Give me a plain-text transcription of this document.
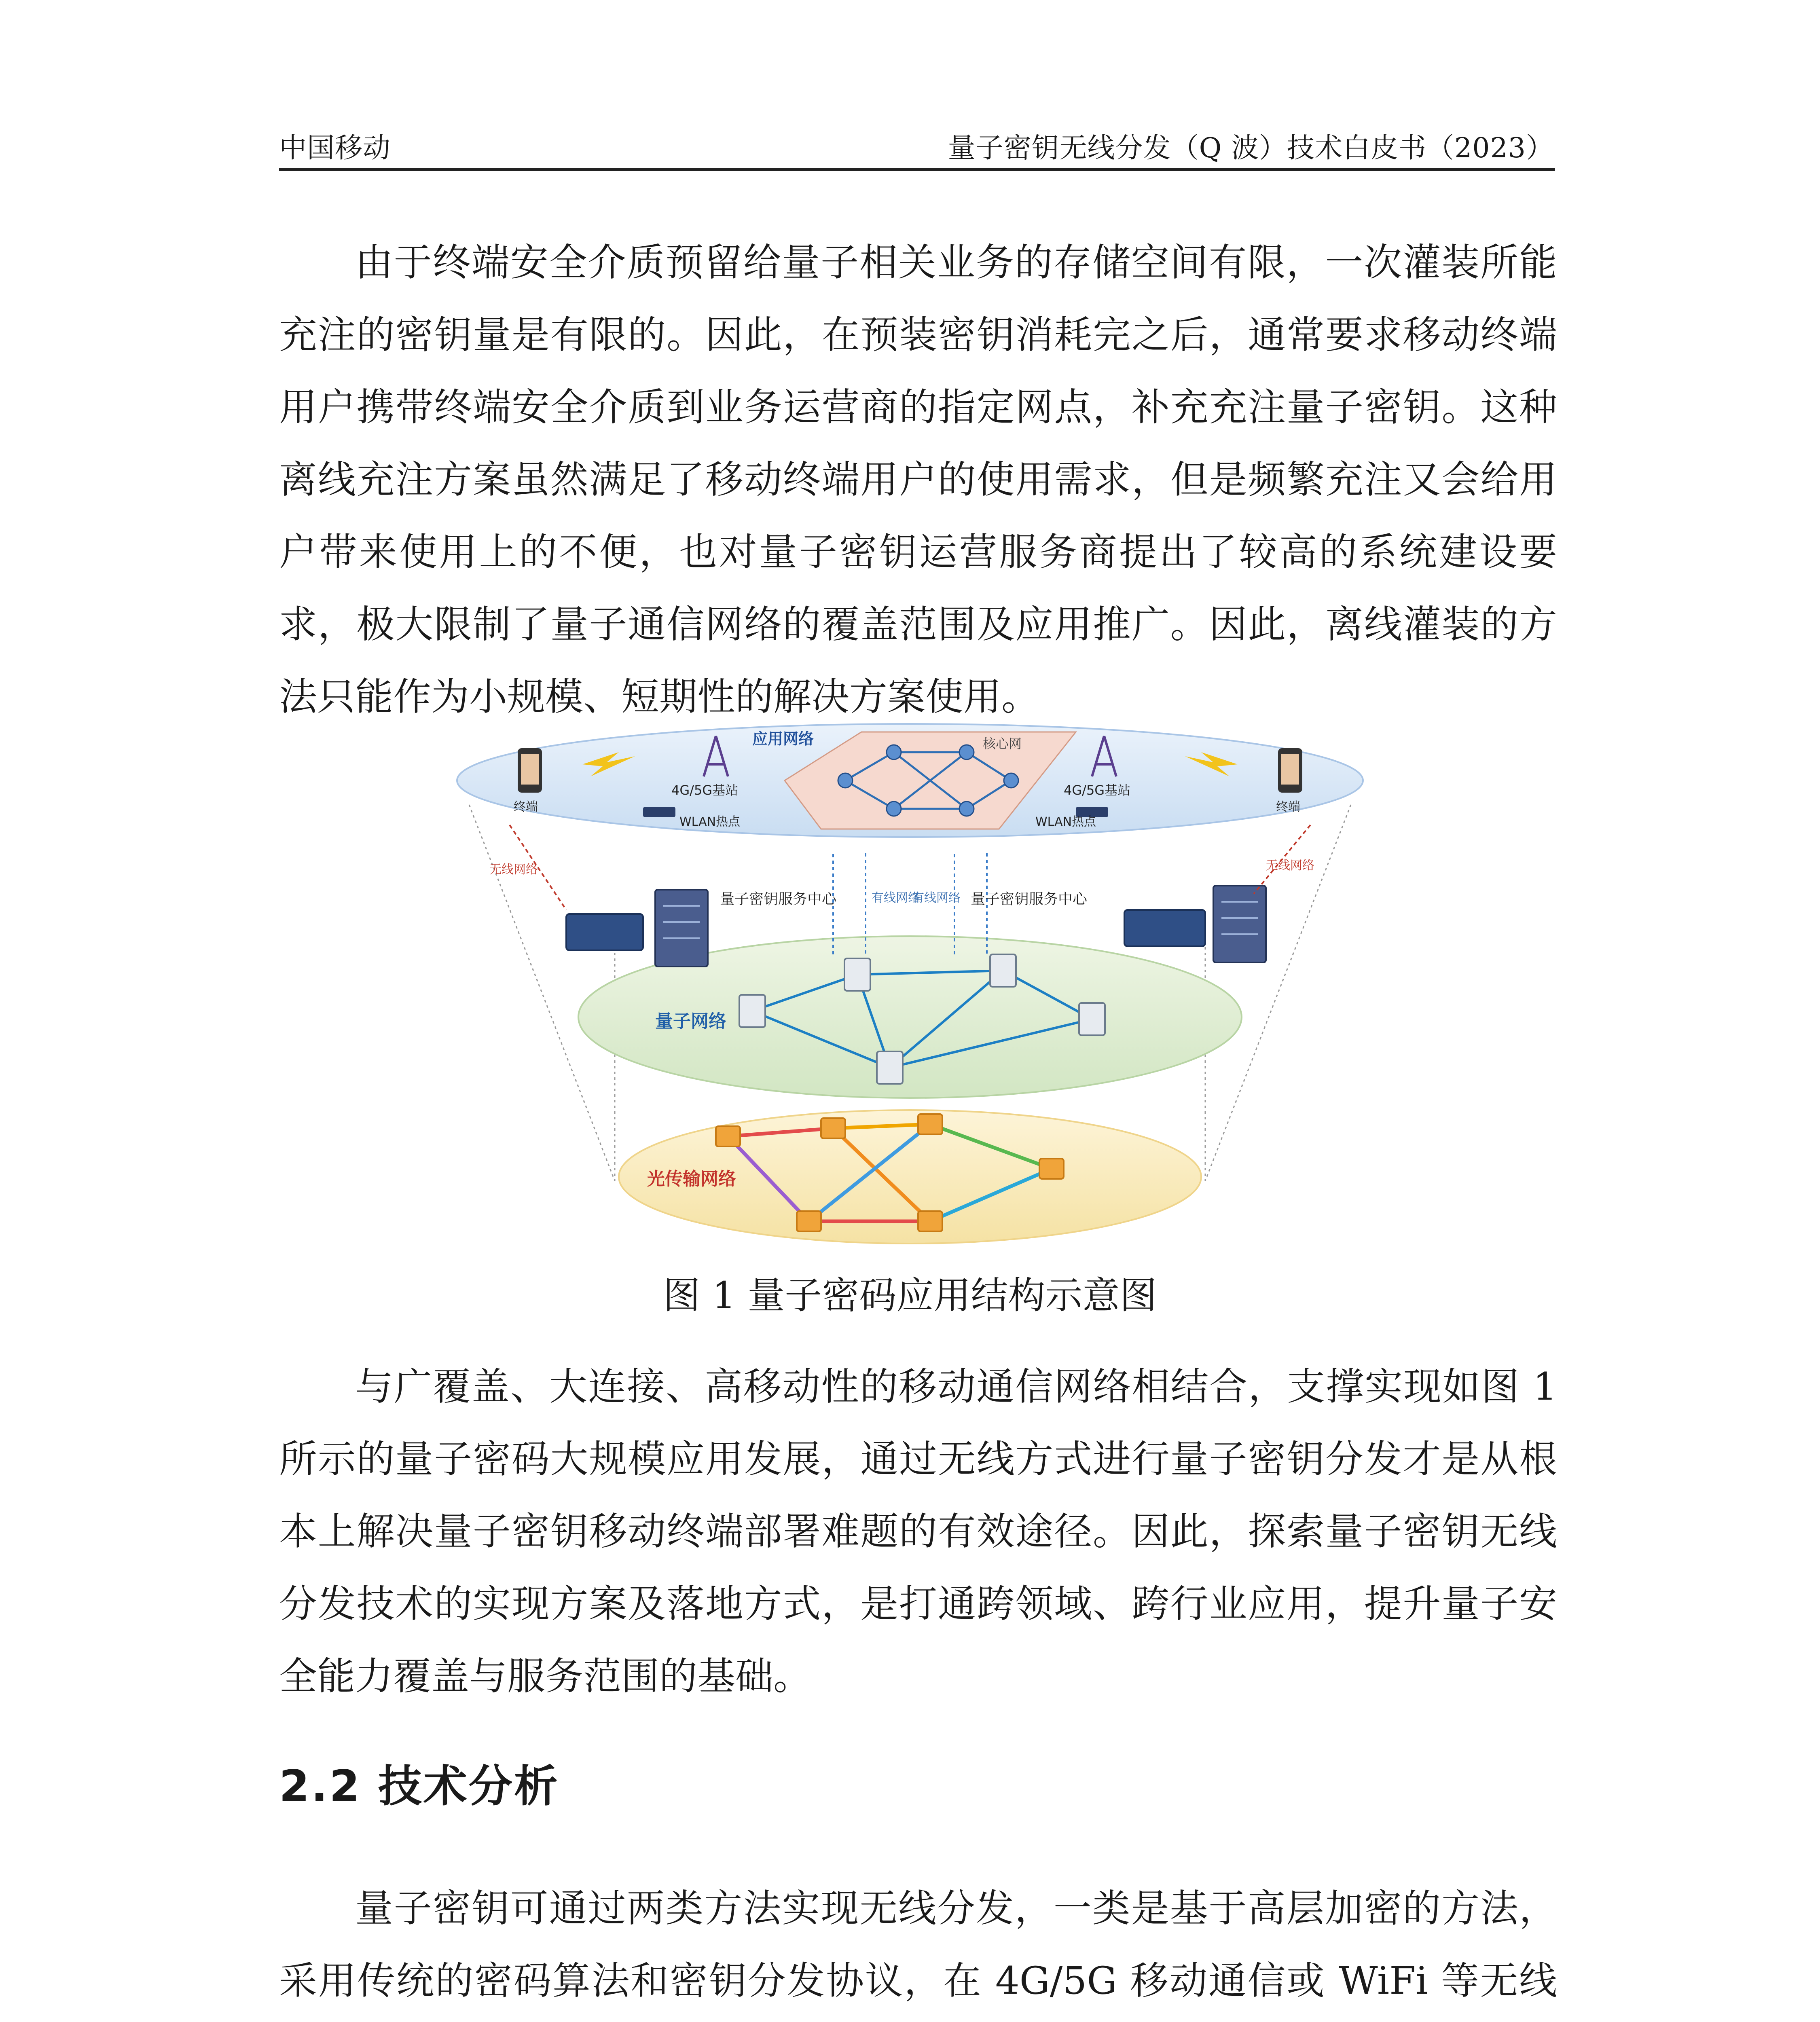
中国移动	量子密钥无线分发（Q 波）技术白皮书（2023）

由于终端安全介质预留给量子相关业务的存储空间有限，一次灌装所能充注的密钥量是有限的。因此，在预装密钥消耗完之后，通常要求移动终端用户携带终端安全介质到业务运营商的指定网点，补充充注量子密钥。这种离线充注方案虽然满足了移动终端用户的使用需求，但是频繁充注又会给用户带来使用上的不便，也对量子密钥运营服务商提出了较高的系统建设要求，极大限制了量子通信网络的覆盖范围及应用推广。因此，离线灌装的方法只能作为小规模、短期性的解决方案使用。

光传输网络
量子网络
量子密钥服务中心	量子密钥服务中心
有线网络
有线网络
无线网络	无线网络
核心网
应用网络
4G/5G基站	4G/5G基站
WLAN热点	WLAN热点
终端	终端
图 1 量子密码应用结构示意图

与广覆盖、大连接、高移动性的移动通信网络相结合，支撑实现如图 1 所示的量子密码大规模应用发展，通过无线方式进行量子密钥分发才是从根本上解决量子密钥移动终端部署难题的有效途径。因此，探索量子密钥无线分发技术的实现方案及落地方式，是打通跨领域、跨行业应用，提升量子安全能力覆盖与服务范围的基础。

2.2 技术分析

量子密钥可通过两类方法实现无线分发，一类是基于高层加密的方法，采用传统的密码算法和密钥分发协议，在 4G/5G 移动通信或 WiFi 等无线
